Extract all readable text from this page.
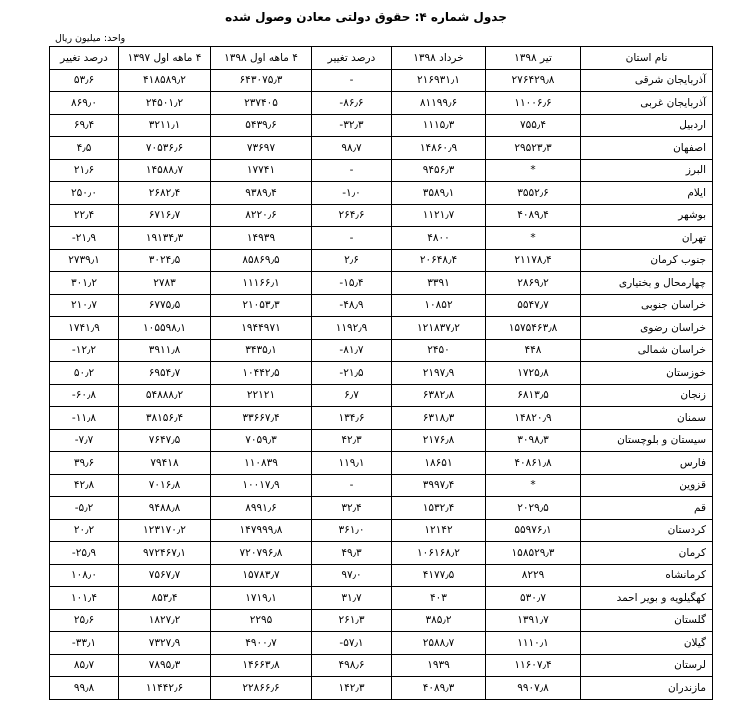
جدول شماره ۴: حقوق دولتی معادن وصول شده
واحد: میلیون ریال
نام استان	تیر ۱۳۹۸	خرداد ۱۳۹۸	درصد تغییر	۴ ماهه اول ۱۳۹۸	۴ ماهه اول ۱۳۹۷	درصد تغییر
آذربایجان شرقی	۲۷۶۴۲۹٫۸	۲۱۶۹۳۱٫۱	-	۶۴۳۰۷۵٫۳	۴۱۸۵۸۹٫۲	۵۳٫۶
آذربایجان غربی	۱۱۰۰۶٫۶	۸۱۱۹۹٫۶	-۸۶٫۶	۲۳۷۴۰۵	۲۴۵۰۱٫۲	۸۶۹٫۰
اردبیل	۷۵۵٫۴	۱۱۱۵٫۳	-۳۲٫۳	۵۴۳۹٫۶	۳۲۱۱٫۱	۶۹٫۴
اصفهان	۲۹۵۲۳٫۳	۱۴۸۶۰٫۹	۹۸٫۷	۷۳۶۹۷	۷۰۵۳۶٫۶	۴٫۵
البرز	*	۹۴۵۶٫۳	-	۱۷۷۴۱	۱۴۵۸۸٫۷	۲۱٫۶
ایلام	۳۵۵۲٫۶	۳۵۸۹٫۱	-۱٫۰	۹۳۸۹٫۴	۲۶۸۲٫۴	۲۵۰٫۰
بوشهر	۴۰۸۹٫۴	۱۱۲۱٫۷	۲۶۴٫۶	۸۲۲۰٫۶	۶۷۱۶٫۷	۲۲٫۴
تهران	*	۴۸۰۰	-	۱۴۹۳۹	۱۹۱۳۴٫۳	-۲۱٫۹
جنوب کرمان	۲۱۱۷۸٫۴	۲۰۶۴۸٫۴	۲٫۶	۸۵۸۶۹٫۵	۳۰۲۴٫۵	۲۷۳۹٫۱
چهارمحال و بختیاری	۲۸۶۹٫۲	۳۳۹۱	-۱۵٫۴	۱۱۱۶۶٫۱	۲۷۸۳	۳۰۱٫۲
خراسان جنوبی	۵۵۴۷٫۷	۱۰۸۵۲	-۴۸٫۹	۲۱۰۵۳٫۳	۶۷۷۵٫۵	۲۱۰٫۷
خراسان رضوی	۱۵۷۵۴۶۳٫۸	۱۲۱۸۳۷٫۲	۱۱۹۲٫۹	۱۹۴۴۹۷۱	۱۰۵۵۹۸٫۱	۱۷۴۱٫۹
خراسان شمالی	۴۴۸	۲۴۵۰	-۸۱٫۷	۳۴۳۵٫۱	۳۹۱۱٫۸	-۱۲٫۲
خوزستان	۱۷۲۵٫۸	۲۱۹۷٫۹	-۲۱٫۵	۱۰۴۴۲٫۵	۶۹۵۴٫۷	۵۰٫۲
زنجان	۶۸۱۳٫۵	۶۳۸۲٫۸	۶٫۷	۲۲۱۲۱	۵۴۸۸۸٫۲	-۶۰٫۸
سمنان	۱۴۸۲۰٫۹	۶۳۱۸٫۳	۱۳۴٫۶	۳۳۶۶۷٫۴	۳۸۱۵۶٫۴	-۱۱٫۸
سیستان و بلوچستان	۳۰۹۸٫۳	۲۱۷۶٫۸	۴۲٫۳	۷۰۵۹٫۳	۷۶۴۷٫۵	-۷٫۷
فارس	۴۰۸۶۱٫۸	۱۸۶۵۱	۱۱۹٫۱	۱۱۰۸۳۹	۷۹۴۱۸	۳۹٫۶
قزوین	*	۳۹۹۷٫۴	-	۱۰۰۱۷٫۹	۷۰۱۶٫۸	۴۲٫۸
قم	۲۰۲۹٫۵	۱۵۳۲٫۴	۳۲٫۴	۸۹۹۱٫۶	۹۴۸۸٫۸	-۵٫۲
کردستان	۵۵۹۷۶٫۱	۱۲۱۴۲	۳۶۱٫۰	۱۴۷۹۹۹٫۸	۱۲۳۱۷۰٫۲	۲۰٫۲
کرمان	۱۵۸۵۲۹٫۳	۱۰۶۱۶۸٫۲	۴۹٫۳	۷۲۰۷۹۶٫۸	۹۷۲۴۶۷٫۱	-۲۵٫۹
کرمانشاه	۸۲۲۹	۴۱۷۷٫۵	۹۷٫۰	۱۵۷۸۳٫۷	۷۵۶۷٫۷	۱۰۸٫۰
کهگیلویه و بویر احمد	۵۳۰٫۷	۴۰۳	۳۱٫۷	۱۷۱۹٫۱	۸۵۳٫۴	۱۰۱٫۴
گلستان	۱۳۹۱٫۷	۳۸۵٫۲	۲۶۱٫۳	۲۲۹۵	۱۸۲۷٫۲	۲۵٫۶
گیلان	۱۱۱۰٫۱	۲۵۸۸٫۷	-۵۷٫۱	۴۹۰۰٫۷	۷۳۲۷٫۹	-۳۳٫۱
لرستان	۱۱۶۰۷٫۴	۱۹۳۹	۴۹۸٫۶	۱۴۶۶۳٫۸	۷۸۹۵٫۳	۸۵٫۷
مازندران	۹۹۰۷٫۸	۴۰۸۹٫۳	۱۴۲٫۳	۲۲۸۶۶٫۶	۱۱۴۴۲٫۶	۹۹٫۸
